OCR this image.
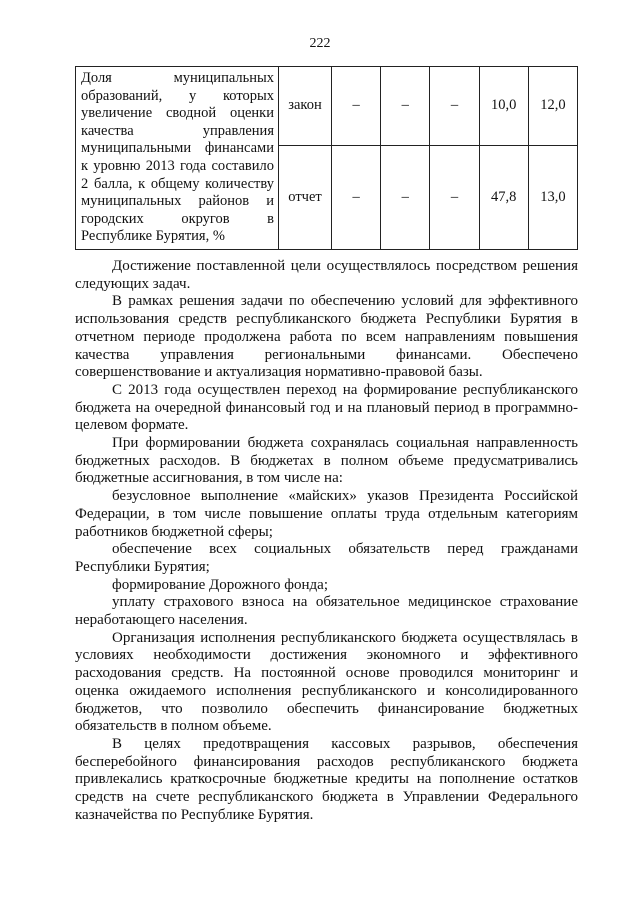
222
Доля муниципальных образований, у которых увеличение сводной оценки качества управления муниципальными финансами к уровню 2013 года составило 2 балла, к общему количеству муниципальных районов и городских округов в Республике Бурятия, %	закон	–	–	–	10,0	12,0
	отчет	–	–	–	47,8	13,0

Достижение поставленной цели осуществлялось посредством решения следующих задач.

В рамках решения задачи по обеспечению условий для эффективного использования средств республиканского бюджета Республики Бурятия в отчетном периоде продолжена работа по всем направлениям повышения качества управления региональными финансами. Обеспечено совершенствование и актуализация нормативно-правовой базы.

С 2013 года осуществлен переход на формирование республиканского бюджета на очередной финансовый год и на плановый период в программно-целевом формате.

При формировании бюджета сохранялась социальная направленность бюджетных расходов. В бюджетах в полном объеме предусматривались бюджетные ассигнования, в том числе на:

безусловное выполнение «майских» указов Президента Российской Федерации, в том числе повышение оплаты труда отдельным категориям работников бюджетной сферы;

обеспечение всех социальных обязательств перед гражданами Республики Бурятия;

формирование Дорожного фонда;

уплату страхового взноса на обязательное медицинское страхование неработающего населения.

Организация исполнения республиканского бюджета осуществлялась в условиях необходимости достижения экономного и эффективного расходования средств. На постоянной основе проводился мониторинг и оценка ожидаемого исполнения республиканского и консолидированного бюджетов, что позволило обеспечить финансирование бюджетных обязательств в полном объеме.

В целях предотвращения кассовых разрывов, обеспечения бесперебойного финансирования расходов республиканского бюджета привлекались краткосрочные бюджетные кредиты на пополнение остатков средств на счете республиканского бюджета в Управлении Федерального казначейства по Республике Бурятия.
